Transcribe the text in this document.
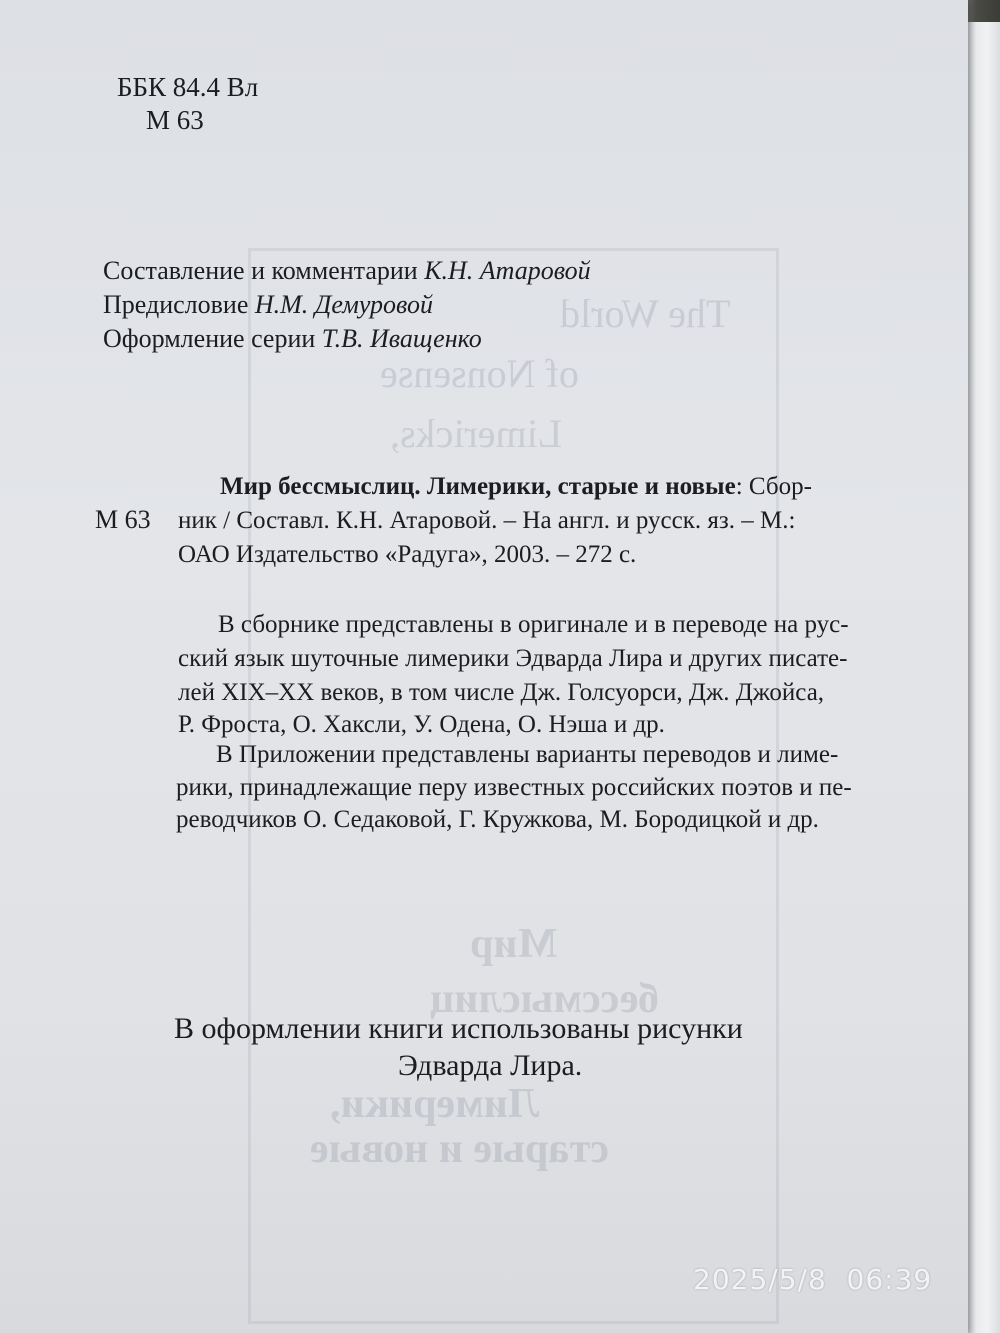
The World
of Nonsense
Limericks,
Мир
бессмыслиц
Лимерики,
старые и новые
ББК 84.4 Вл
М 63
Составление и комментарии К.Н. Атаровой
Предисловие Н.М. Демуровой
Оформление серии Т.В. Иващенко
Мир бессмыслиц. Лимерики, старые и новые: Сбор-
М 63 ник / Составл. К.Н. Атаровой. – На англ. и русск. яз. – М.:
ОАО Издательство «Радуга», 2003. – 272 с.
В сборнике представлены в оригинале и в переводе на рус-
ский язык шуточные лимерики Эдварда Лира и других писате-
лей XIX–XX веков, в том числе Дж. Голсуорси, Дж. Джойса,
Р. Фроста, О. Хаксли, У. Одена, О. Нэша и др.
В Приложении представлены варианты переводов и лиме-
рики, принадлежащие перу известных российских поэтов и пе-
реводчиков О. Седаковой, Г. Кружкова, М. Бородицкой и др.
В оформлении книги использованы рисунки
Эдварда Лира.
2025/5/8  06:39
